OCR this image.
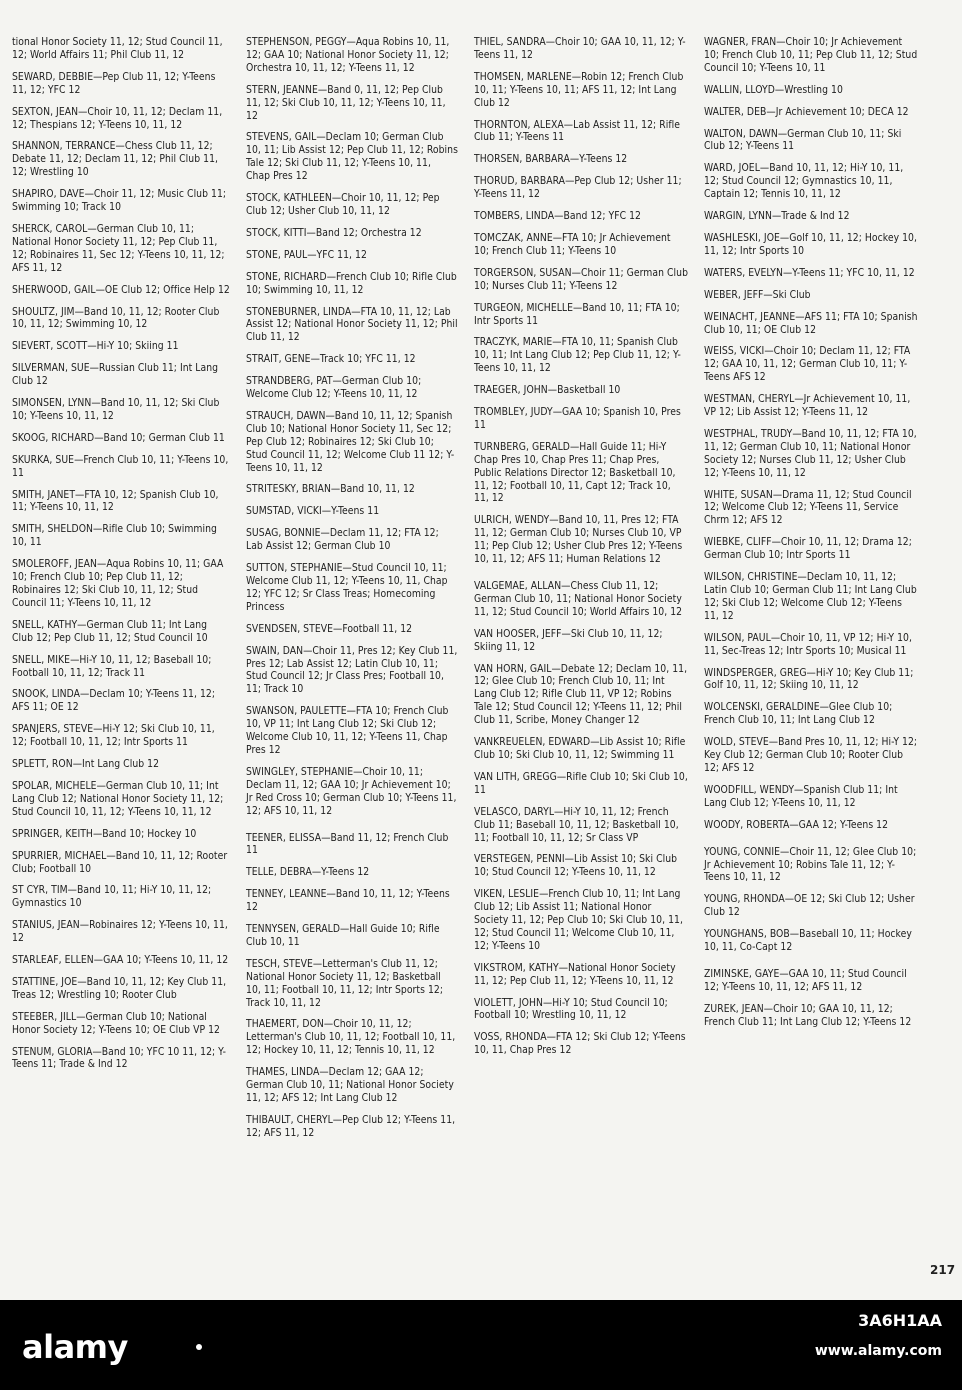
tional Honor Society 11, 12; Stud Council 11, 12; World Affairs 11; Phil Club 11, 12
SEWARD, DEBBIE—Pep Club 11, 12; Y-Teens 11, 12; YFC 12
SEXTON, JEAN—Choir 10, 11, 12; Declam 11, 12; Thespians 12; Y-Teens 10, 11, 12
SHANNON, TERRANCE—Chess Club 11, 12; Debate 11, 12; Declam 11, 12; Phil Club 11, 12; Wrestling 10
SHAPIRO, DAVE—Choir 11, 12; Music Club 11; Swimming 10; Track 10
SHERCK, CAROL—German Club 10, 11; National Honor Society 11, 12; Pep Club 11, 12; Robinaires 11, Sec 12; Y-Teens 10, 11, 12; AFS 11, 12
SHERWOOD, GAIL—OE Club 12; Office Help 12
SHOULTZ, JIM—Band 10, 11, 12; Rooter Club 10, 11, 12; Swimming 10, 12
SIEVERT, SCOTT—Hi-Y 10; Skiing 11
SILVERMAN, SUE—Russian Club 11; Int Lang Club 12
SIMONSEN, LYNN—Band 10, 11, 12; Ski Club 10; Y-Teens 10, 11, 12
SKOOG, RICHARD—Band 10; German Club 11
SKURKA, SUE—French Club 10, 11; Y-Teens 10, 11
SMITH, JANET—FTA 10, 12; Spanish Club 10, 11; Y-Teens 10, 11, 12
SMITH, SHELDON—Rifle Club 10; Swimming 10, 11
SMOLEROFF, JEAN—Aqua Robins 10, 11; GAA 10; French Club 10; Pep Club 11, 12; Robinaires 12; Ski Club 10, 11, 12; Stud Council 11; Y-Teens 10, 11, 12
SNELL, KATHY—German Club 11; Int Lang Club 12; Pep Club 11, 12; Stud Council 10
SNELL, MIKE—Hi-Y 10, 11, 12; Baseball 10; Football 10, 11, 12; Track 11
SNOOK, LINDA—Declam 10; Y-Teens 11, 12; AFS 11; OE 12
SPANJERS, STEVE—Hi-Y 12; Ski Club 10, 11, 12; Football 10, 11, 12; Intr Sports 11
SPLETT, RON—Int Lang Club 12
SPOLAR, MICHELE—German Club 10, 11; Int Lang Club 12; National Honor Society 11, 12; Stud Council 10, 11, 12; Y-Teens 10, 11, 12
SPRINGER, KEITH—Band 10; Hockey 10
SPURRIER, MICHAEL—Band 10, 11, 12; Rooter Club; Football 10
ST CYR, TIM—Band 10, 11; Hi-Y 10, 11, 12; Gymnastics 10
STANIUS, JEAN—Robinaires 12; Y-Teens 10, 11, 12
STARLEAF, ELLEN—GAA 10; Y-Teens 10, 11, 12
STATTINE, JOE—Band 10, 11, 12; Key Club 11, Treas 12; Wrestling 10; Rooter Club
STEEBER, JILL—German Club 10; National Honor Society 12; Y-Teens 10; OE Club VP 12
STENUM, GLORIA—Band 10; YFC 10 11, 12; Y-Teens 11; Trade & Ind 12
STEPHENSON, PEGGY—Aqua Robins 10, 11, 12; GAA 10; National Honor Society 11, 12; Orchestra 10, 11, 12; Y-Teens 11, 12
STERN, JEANNE—Band 0, 11, 12; Pep Club 11, 12; Ski Club 10, 11, 12; Y-Teens 10, 11, 12
STEVENS, GAIL—Declam 10; German Club 10, 11; Lib Assist 12; Pep Club 11, 12; Robins Tale 12; Ski Club 11, 12; Y-Teens 10, 11, Chap Pres 12
STOCK, KATHLEEN—Choir 10, 11, 12; Pep Club 12; Usher Club 10, 11, 12
STOCK, KITTI—Band 12; Orchestra 12
STONE, PAUL—YFC 11, 12
STONE, RICHARD—French Club 10; Rifle Club 10; Swimming 10, 11, 12
STONEBURNER, LINDA—FTA 10, 11, 12; Lab Assist 12; National Honor Society 11, 12; Phil Club 11, 12
STRAIT, GENE—Track 10; YFC 11, 12
STRANDBERG, PAT—German Club 10; Welcome Club 12; Y-Teens 10, 11, 12
STRAUCH, DAWN—Band 10, 11, 12; Spanish Club 10; National Honor Society 11, Sec 12; Pep Club 12; Robinaires 12; Ski Club 10; Stud Council 11, 12; Welcome Club 11 12; Y-Teens 10, 11, 12
STRITESKY, BRIAN—Band 10, 11, 12
SUMSTAD, VICKI—Y-Teens 11
SUSAG, BONNIE—Declam 11, 12; FTA 12; Lab Assist 12; German Club 10
SUTTON, STEPHANIE—Stud Council 10, 11; Welcome Club 11, 12; Y-Teens 10, 11, Chap 12; YFC 12; Sr Class Treas; Homecoming Princess
SVENDSEN, STEVE—Football 11, 12
SWAIN, DAN—Choir 11, Pres 12; Key Club 11, Pres 12; Lab Assist 12; Latin Club 10, 11; Stud Council 12; Jr Class Pres; Football 10, 11; Track 10
SWANSON, PAULETTE—FTA 10; French Club 10, VP 11; Int Lang Club 12; Ski Club 12; Welcome Club 10, 11, 12; Y-Teens 11, Chap Pres 12
SWINGLEY, STEPHANIE—Choir 10, 11; Declam 11, 12; GAA 10; Jr Achievement 10; Jr Red Cross 10; German Club 10; Y-Teens 11, 12; AFS 10, 11, 12
TEENER, ELISSA—Band 11, 12; French Club 11
TELLE, DEBRA—Y-Teens 12
TENNEY, LEANNE—Band 10, 11, 12; Y-Teens 12
TENNYSEN, GERALD—Hall Guide 10; Rifle Club 10, 11
TESCH, STEVE—Letterman's Club 11, 12; National Honor Society 11, 12; Basketball 10, 11; Football 10, 11, 12; Intr Sports 12; Track 10, 11, 12
THAEMERT, DON—Choir 10, 11, 12; Letterman's Club 10, 11, 12; Football 10, 11, 12; Hockey 10, 11, 12; Tennis 10, 11, 12
THAMES, LINDA—Declam 12; GAA 12; German Club 10, 11; National Honor Society 11, 12; AFS 12; Int Lang Club 12
THIBAULT, CHERYL—Pep Club 12; Y-Teens 11, 12; AFS 11, 12
THIEL, SANDRA—Choir 10; GAA 10, 11, 12; Y-Teens 11, 12
THOMSEN, MARLENE—Robin 12; French Club 10, 11; Y-Teens 10, 11; AFS 11, 12; Int Lang Club 12
THORNTON, ALEXA—Lab Assist 11, 12; Rifle Club 11; Y-Teens 11
THORSEN, BARBARA—Y-Teens 12
THORUD, BARBARA—Pep Club 12; Usher 11; Y-Teens 11, 12
TOMBERS, LINDA—Band 12; YFC 12
TOMCZAK, ANNE—FTA 10; Jr Achievement 10; French Club 11; Y-Teens 10
TORGERSON, SUSAN—Choir 11; German Club 10; Nurses Club 11; Y-Teens 12
TURGEON, MICHELLE—Band 10, 11; FTA 10; Intr Sports 11
TRACZYK, MARIE—FTA 10, 11; Spanish Club 10, 11; Int Lang Club 12; Pep Club 11, 12; Y-Teens 10, 11, 12
TRAEGER, JOHN—Basketball 10
TROMBLEY, JUDY—GAA 10; Spanish 10, Pres 11
TURNBERG, GERALD—Hall Guide 11; Hi-Y Chap Pres 10, Chap Pres 11; Chap Pres, Public Relations Director 12; Basketball 10, 11, 12; Football 10, 11, Capt 12; Track 10, 11, 12
ULRICH, WENDY—Band 10, 11, Pres 12; FTA 11, 12; German Club 10; Nurses Club 10, VP 11; Pep Club 12; Usher Club Pres 12; Y-Teens 10, 11, 12; AFS 11; Human Relations 12
VALGEMAE, ALLAN—Chess Club 11, 12; German Club 10, 11; National Honor Society 11, 12; Stud Council 10; World Affairs 10, 12
VAN HOOSER, JEFF—Ski Club 10, 11, 12; Skiing 11, 12
VAN HORN, GAIL—Debate 12; Declam 10, 11, 12; Glee Club 10; French Club 10, 11; Int Lang Club 12; Rifle Club 11, VP 12; Robins Tale 12; Stud Council 12; Y-Teens 11, 12; Phil Club 11, Scribe, Money Changer 12
VANKREUELEN, EDWARD—Lib Assist 10; Rifle Club 10; Ski Club 10, 11, 12; Swimming 11
VAN LITH, GREGG—Rifle Club 10; Ski Club 10, 11
VELASCO, DARYL—Hi-Y 10, 11, 12; French Club 11; Baseball 10, 11, 12; Basketball 10, 11; Football 10, 11, 12; Sr Class VP
VERSTEGEN, PENNI—Lib Assist 10; Ski Club 10; Stud Council 12; Y-Teens 10, 11, 12
VIKEN, LESLIE—French Club 10, 11; Int Lang Club 12; Lib Assist 11; National Honor Society 11, 12; Pep Club 10; Ski Club 10, 11, 12; Stud Council 11; Welcome Club 10, 11, 12; Y-Teens 10
VIKSTROM, KATHY—National Honor Society 11, 12; Pep Club 11, 12; Y-Teens 10, 11, 12
VIOLETT, JOHN—Hi-Y 10; Stud Council 10; Football 10; Wrestling 10, 11, 12
VOSS, RHONDA—FTA 12; Ski Club 12; Y-Teens 10, 11, Chap Pres 12
WAGNER, FRAN—Choir 10; Jr Achievement 10; French Club 10, 11; Pep Club 11, 12; Stud Council 10; Y-Teens 10, 11
WALLIN, LLOYD—Wrestling 10
WALTER, DEB—Jr Achievement 10; DECA 12
WALTON, DAWN—German Club 10, 11; Ski Club 12; Y-Teens 11
WARD, JOEL—Band 10, 11, 12; Hi-Y 10, 11, 12; Stud Council 12; Gymnastics 10, 11, Captain 12; Tennis 10, 11, 12
WARGIN, LYNN—Trade & Ind 12
WASHLESKI, JOE—Golf 10, 11, 12; Hockey 10, 11, 12; Intr Sports 10
WATERS, EVELYN—Y-Teens 11; YFC 10, 11, 12
WEBER, JEFF—Ski Club
WEINACHT, JEANNE—AFS 11; FTA 10; Spanish Club 10, 11; OE Club 12
WEISS, VICKI—Choir 10; Declam 11, 12; FTA 12; GAA 10, 11, 12; German Club 10, 11; Y-Teens AFS 12
WESTMAN, CHERYL—Jr Achievement 10, 11, VP 12; Lib Assist 12; Y-Teens 11, 12
WESTPHAL, TRUDY—Band 10, 11, 12; FTA 10, 11, 12; German Club 10, 11; National Honor Society 12; Nurses Club 11, 12; Usher Club 12; Y-Teens 10, 11, 12
WHITE, SUSAN—Drama 11, 12; Stud Council 12; Welcome Club 12; Y-Teens 11, Service Chrm 12; AFS 12
WIEBKE, CLIFF—Choir 10, 11, 12; Drama 12; German Club 10; Intr Sports 11
WILSON, CHRISTINE—Declam 10, 11, 12; Latin Club 10; German Club 11; Int Lang Club 12; Ski Club 12; Welcome Club 12; Y-Teens 11, 12
WILSON, PAUL—Choir 10, 11, VP 12; Hi-Y 10, 11, Sec-Treas 12; Intr Sports 10; Musical 11
WINDSPERGER, GREG—Hi-Y 10; Key Club 11; Golf 10, 11, 12; Skiing 10, 11, 12
WOLCENSKI, GERALDINE—Glee Club 10; French Club 10, 11; Int Lang Club 12
WOLD, STEVE—Band Pres 10, 11, 12; Hi-Y 12; Key Club 12; German Club 10; Rooter Club 12; AFS 12
WOODFILL, WENDY—Spanish Club 11; Int Lang Club 12; Y-Teens 10, 11, 12
WOODY, ROBERTA—GAA 12; Y-Teens 12
YOUNG, CONNIE—Choir 11, 12; Glee Club 10; Jr Achievement 10; Robins Tale 11, 12; Y-Teens 10, 11, 12
YOUNG, RHONDA—OE 12; Ski Club 12; Usher Club 12
YOUNGHANS, BOB—Baseball 10, 11; Hockey 10, 11, Co-Capt 12
ZIMINSKE, GAYE—GAA 10, 11; Stud Council 12; Y-Teens 10, 11, 12; AFS 11, 12
ZUREK, JEAN—Choir 10; GAA 10, 11, 12; French Club 11; Int Lang Club 12; Y-Teens 12
217
alamy
3A6H1AA
www.alamy.com
